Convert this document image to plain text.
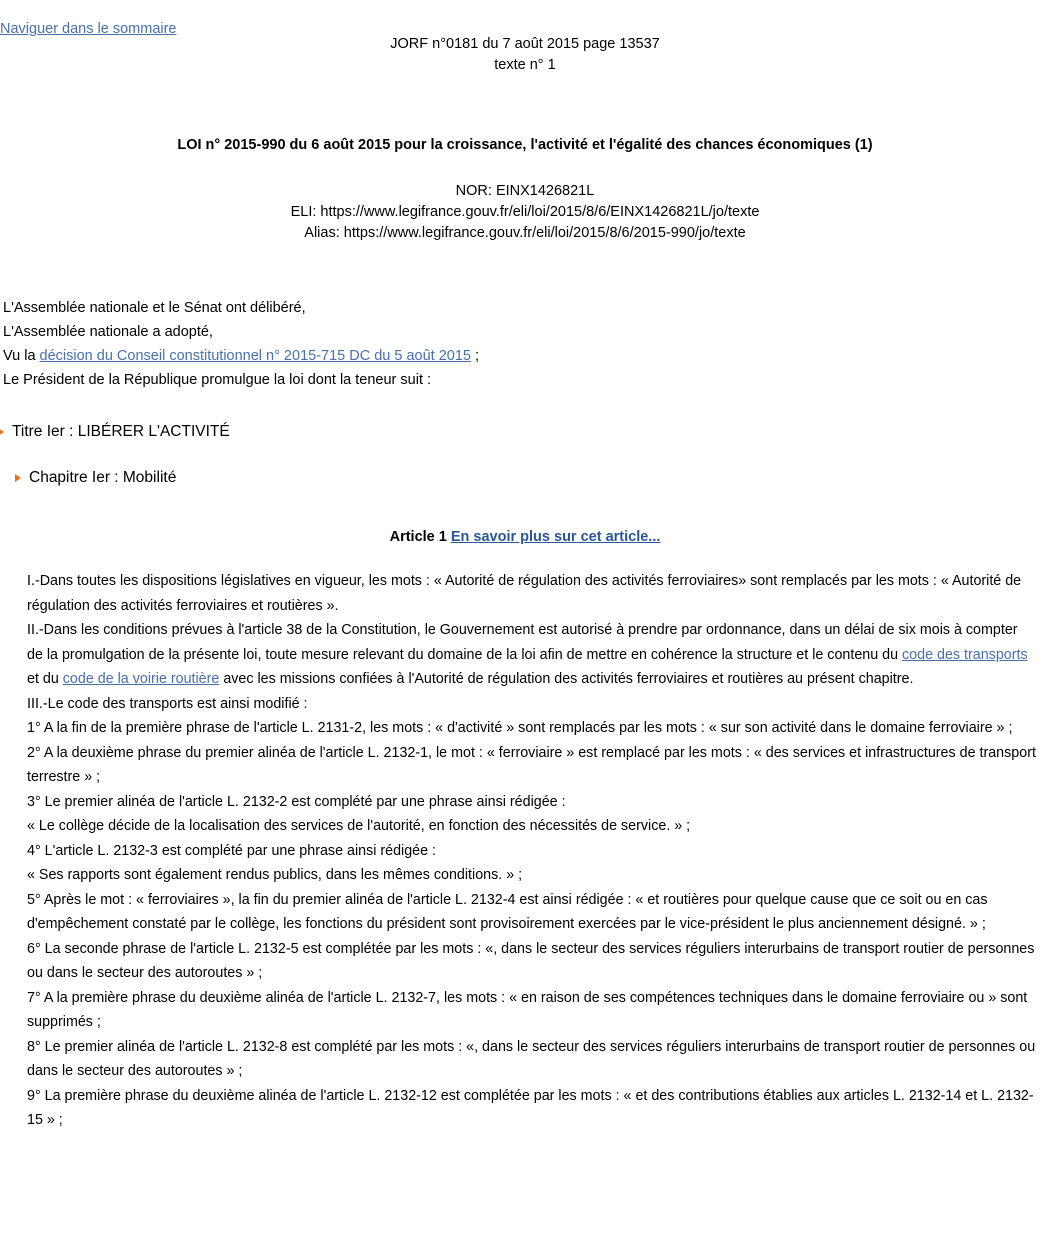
Naviguer dans le sommaire
JORF n°0181 du 7 août 2015 page 13537
texte n° 1
LOI n° 2015-990 du 6 août 2015 pour la croissance, l'activité et l'égalité des chances économiques (1)
NOR: EINX1426821L
ELI: https://www.legifrance.gouv.fr/eli/loi/2015/8/6/EINX1426821L/jo/texte
Alias: https://www.legifrance.gouv.fr/eli/loi/2015/8/6/2015-990/jo/texte
L'Assemblée nationale et le Sénat ont délibéré,
L'Assemblée nationale a adopté,
Vu la décision du Conseil constitutionnel n° 2015-715 DC du 5 août 2015 ;
Le Président de la République promulgue la loi dont la teneur suit :
Titre Ier : LIBÉRER L'ACTIVITÉ
Chapitre Ier : Mobilité
Article 1 En savoir plus sur cet article...

I.-Dans toutes les dispositions législatives en vigueur, les mots : « Autorité de régulation des activités ferroviaires» sont remplacés par les mots : « Autorité de régulation des activités ferroviaires et routières ».

II.-Dans les conditions prévues à l'article 38 de la Constitution, le Gouvernement est autorisé à prendre par ordonnance, dans un délai de six mois à compter de la promulgation de la présente loi, toute mesure relevant du domaine de la loi afin de mettre en cohérence la structure et le contenu du code des transports et du code de la voirie routière avec les missions confiées à l'Autorité de régulation des activités ferroviaires et routières au présent chapitre.

III.-Le code des transports est ainsi modifié :

1° A la fin de la première phrase de l'article L. 2131-2, les mots : « d'activité » sont remplacés par les mots : « sur son activité dans le domaine ferroviaire » ;

2° A la deuxième phrase du premier alinéa de l'article L. 2132-1, le mot : « ferroviaire » est remplacé par les mots : « des services et infrastructures de transport terrestre » ;

3° Le premier alinéa de l'article L. 2132-2 est complété par une phrase ainsi rédigée :

« Le collège décide de la localisation des services de l'autorité, en fonction des nécessités de service. » ;

4° L'article L. 2132-3 est complété par une phrase ainsi rédigée :

« Ses rapports sont également rendus publics, dans les mêmes conditions. » ;

5° Après le mot : « ferroviaires », la fin du premier alinéa de l'article L. 2132-4 est ainsi rédigée : « et routières pour quelque cause que ce soit ou en cas d'empêchement constaté par le collège, les fonctions du président sont provisoirement exercées par le vice-président le plus anciennement désigné. » ;

6° La seconde phrase de l'article L. 2132-5 est complétée par les mots : «, dans le secteur des services réguliers interurbains de transport routier de personnes ou dans le secteur des autoroutes » ;

7° A la première phrase du deuxième alinéa de l'article L. 2132-7, les mots : « en raison de ses compétences techniques dans le domaine ferroviaire ou » sont supprimés ;

8° Le premier alinéa de l'article L. 2132-8 est complété par les mots : «, dans le secteur des services réguliers interurbains de transport routier de personnes ou dans le secteur des autoroutes » ;

9° La première phrase du deuxième alinéa de l'article L. 2132-12 est complétée par les mots : « et des contributions établies aux articles L. 2132-14 et L. 2132-15 » ;
